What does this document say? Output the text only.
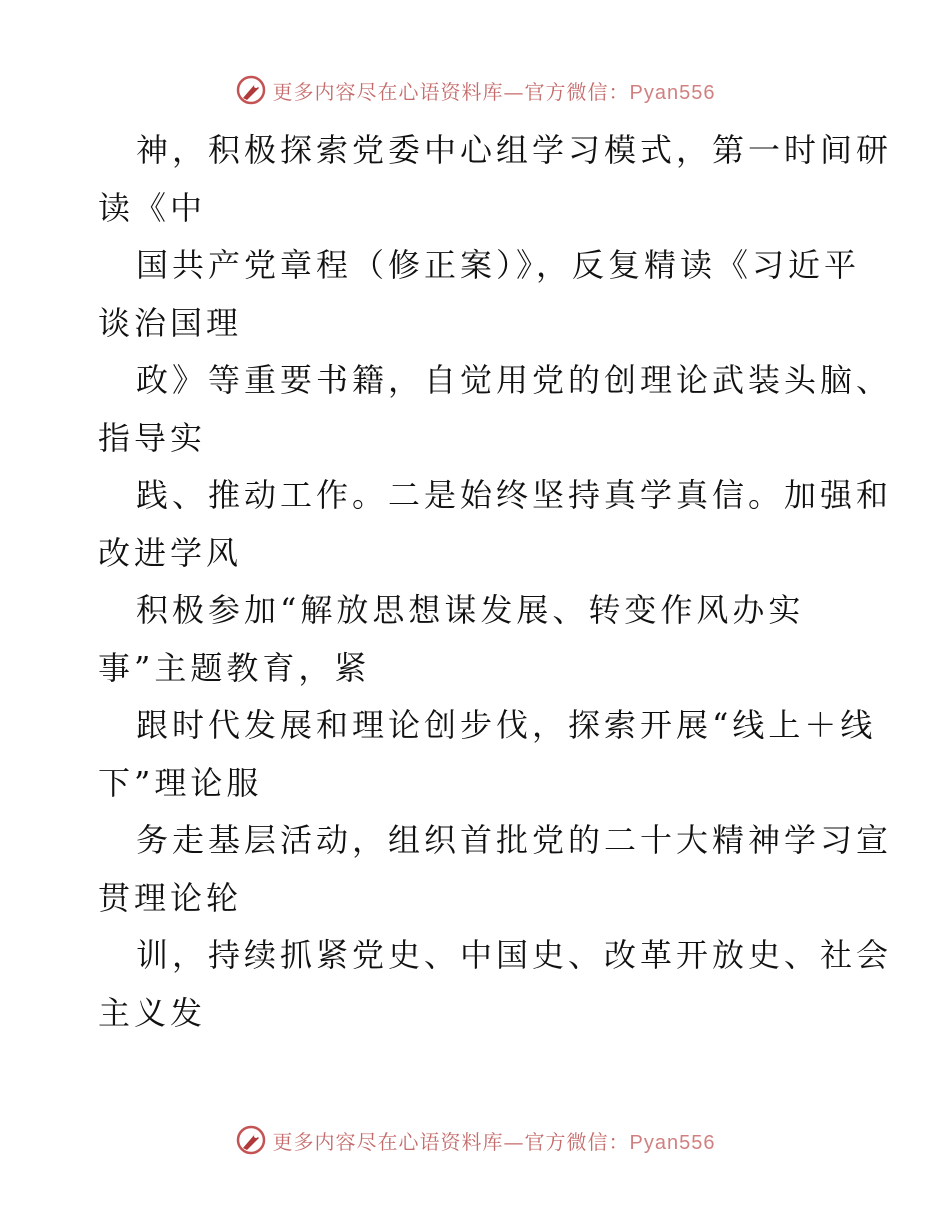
更多内容尽在心语资料库—官方微信：Pyan556
神，积极探索党委中心组学习模式，第一时间研
读《中
国共产党章程（修正案）》，反复精读《习近平
谈治国理
政》等重要书籍，自觉用党的创理论武装头脑、
指导实
践、推动工作。二是始终坚持真学真信。加强和
改进学风
积极参加“解放思想谋发展、转变作风办实
事”主题教育，紧
跟时代发展和理论创步伐，探索开展“线上＋线
下”理论服
务走基层活动，组织首批党的二十大精神学习宣
贯理论轮
训，持续抓紧党史、中国史、改革开放史、社会
主义发
更多内容尽在心语资料库—官方微信：Pyan556
